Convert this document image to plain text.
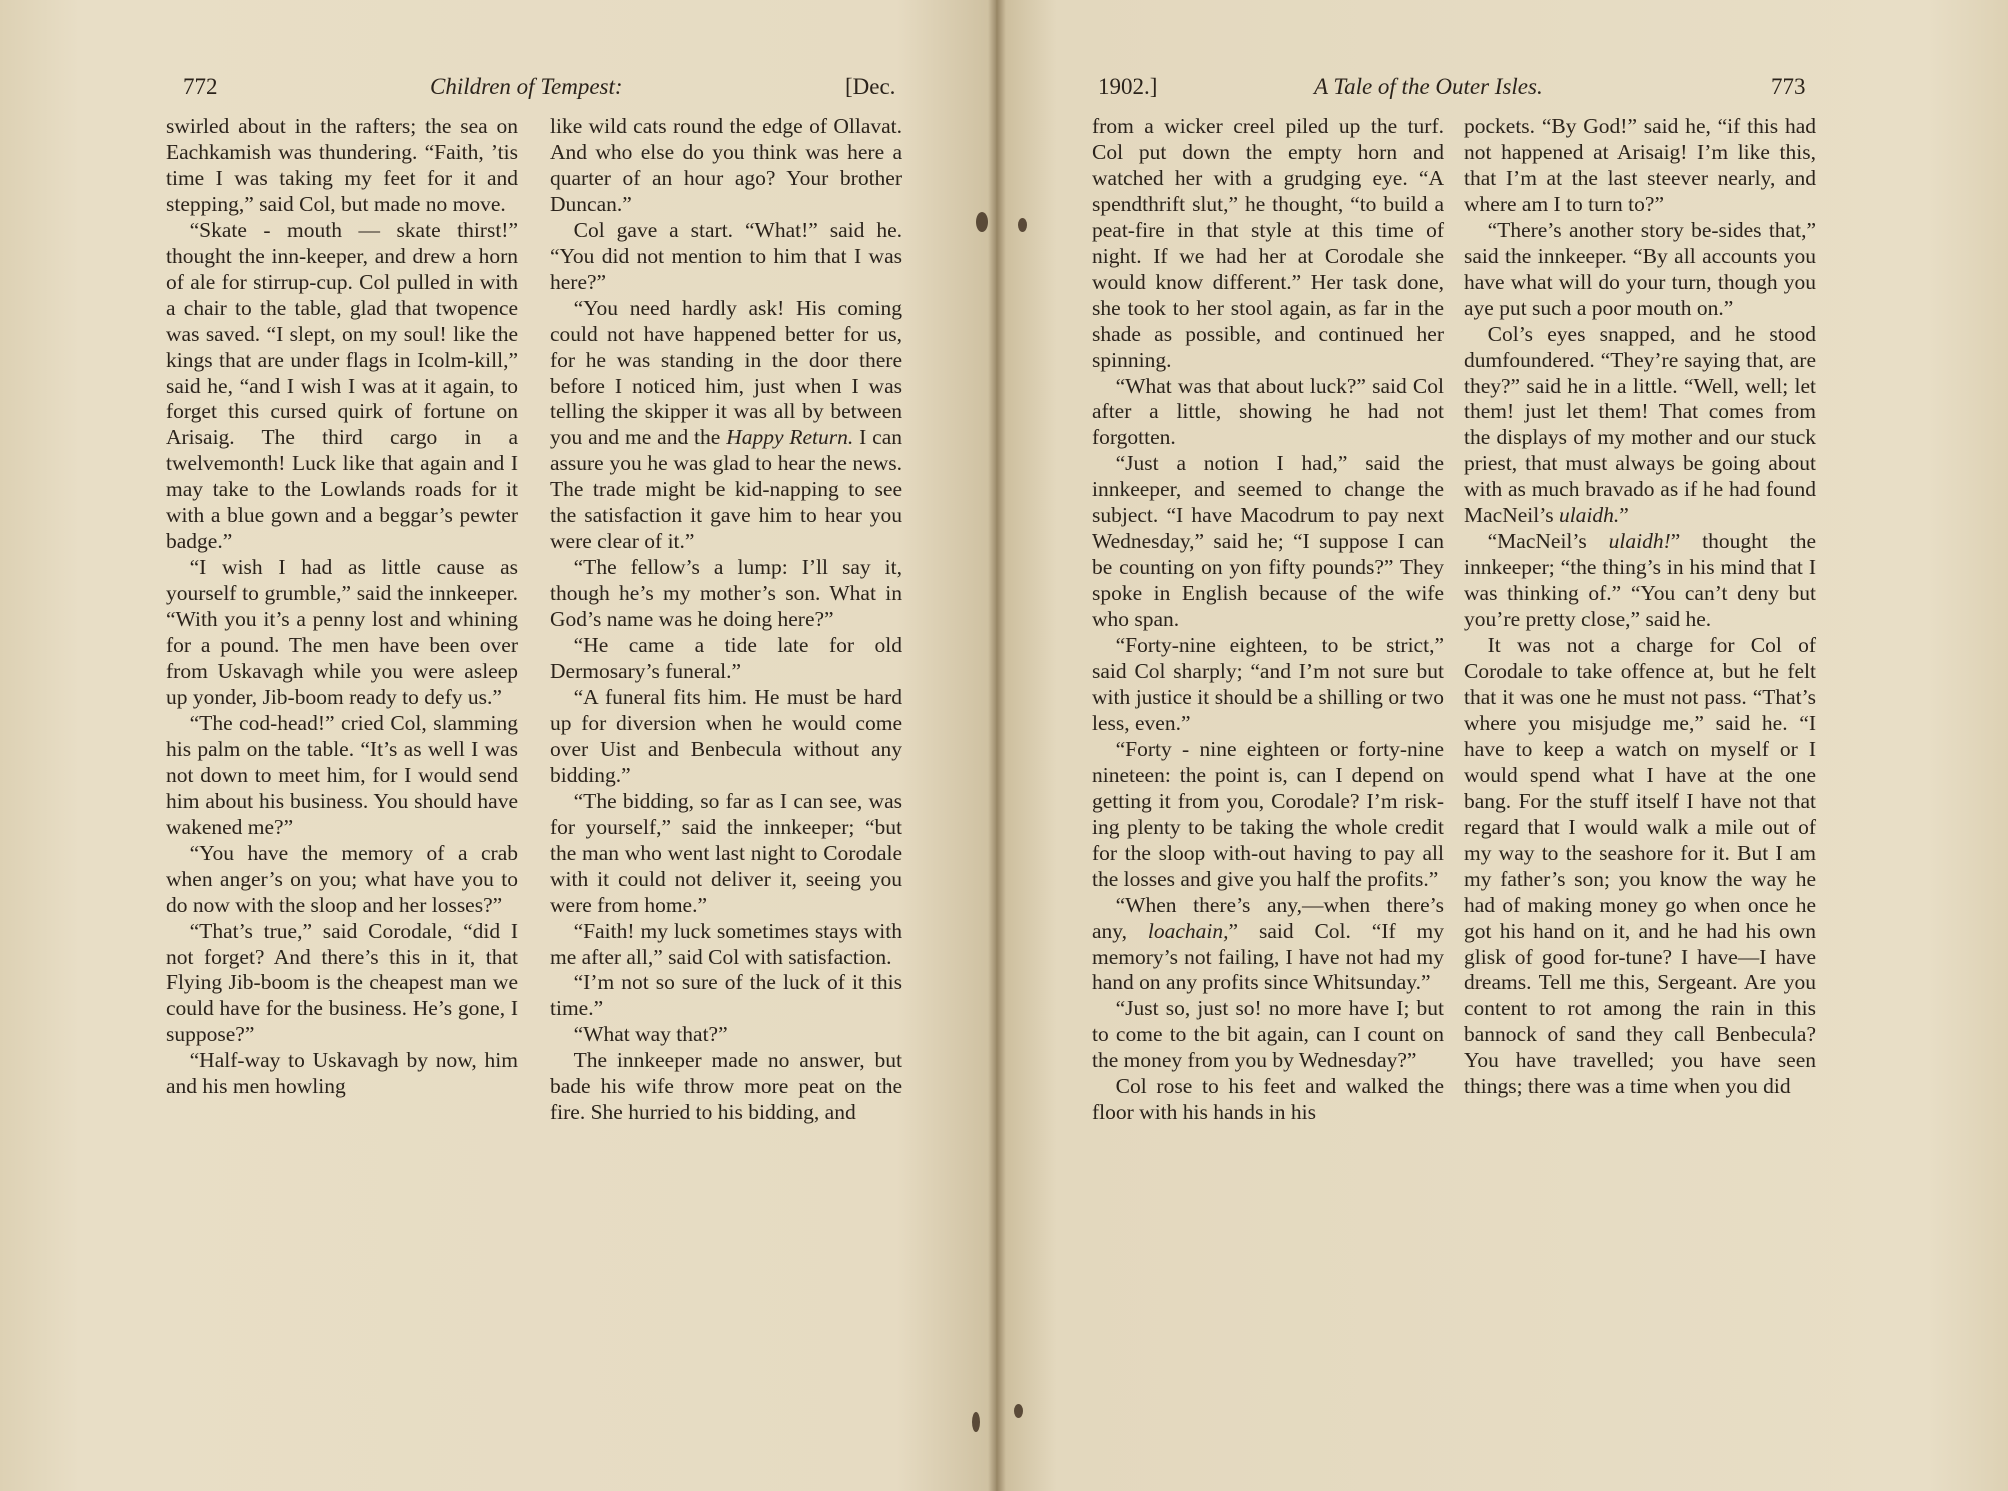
772	Children of Tempest:	[Dec.

swirled about in the rafters; the sea on Eachkamish was thundering. “Faith, ’tis time I was taking my feet for it and stepping,” said Col, but made no move.

“Skate - mouth — skate thirst!” thought the inn-keeper, and drew a horn of ale for stirrup-cup. Col pulled in with a chair to the table, glad that twopence was saved. “I slept, on my soul! like the kings that are under flags in Icolm-kill,” said he, “and I wish I was at it again, to forget this cursed quirk of fortune on Arisaig. The third cargo in a twelvemonth! Luck like that again and I may take to the Lowlands roads for it with a blue gown and a beggar’s pewter badge.”

“I wish I had as little cause as yourself to grumble,” said the innkeeper. “With you it’s a penny lost and whining for a pound. The men have been over from Uskavagh while you were asleep up yonder, Jib-boom ready to defy us.”

“The cod-head!” cried Col, slamming his palm on the table. “It’s as well I was not down to meet him, for I would send him about his business. You should have wakened me?”

“You have the memory of a crab when anger’s on you; what have you to do now with the sloop and her losses?”

“That’s true,” said Corodale, “did I not forget? And there’s this in it, that Flying Jib-boom is the cheapest man we could have for the business. He’s gone, I suppose?”

“Half-way to Uskavagh by now, him and his men howling

like wild cats round the edge of Ollavat. And who else do you think was here a quarter of an hour ago? Your brother Duncan.”

Col gave a start. “What!” said he. “You did not mention to him that I was here?”

“You need hardly ask! His coming could not have happened better for us, for he was standing in the door there before I noticed him, just when I was telling the skipper it was all by between you and me and the Happy Return. I can assure you he was glad to hear the news. The trade might be kid-napping to see the satisfaction it gave him to hear you were clear of it.”

“The fellow’s a lump: I’ll say it, though he’s my mother’s son. What in God’s name was he doing here?”

“He came a tide late for old Dermosary’s funeral.”

“A funeral fits him. He must be hard up for diversion when he would come over Uist and Benbecula without any bidding.”

“The bidding, so far as I can see, was for yourself,” said the innkeeper; “but the man who went last night to Corodale with it could not deliver it, seeing you were from home.”

“Faith! my luck sometimes stays with me after all,” said Col with satisfaction.

“I’m not so sure of the luck of it this time.”

“What way that?”

The innkeeper made no answer, but bade his wife throw more peat on the fire. She hurried to his bidding, and

1902.]	A Tale of the Outer Isles.	773

from a wicker creel piled up the turf. Col put down the empty horn and watched her with a grudging eye. “A spendthrift slut,” he thought, “to build a peat-fire in that style at this time of night. If we had her at Corodale she would know different.” Her task done, she took to her stool again, as far in the shade as possible, and continued her spinning.

“What was that about luck?” said Col after a little, showing he had not forgotten.

“Just a notion I had,” said the innkeeper, and seemed to change the subject. “I have Macodrum to pay next Wednesday,” said he; “I suppose I can be counting on yon fifty pounds?” They spoke in English because of the wife who span.

“Forty-nine eighteen, to be strict,” said Col sharply; “and I’m not sure but with justice it should be a shilling or two less, even.”

“Forty - nine eighteen or forty-nine nineteen: the point is, can I depend on getting it from you, Corodale? I’m risk-ing plenty to be taking the whole credit for the sloop with-out having to pay all the losses and give you half the profits.”

“When there’s any,—when there’s any, loachain,” said Col. “If my memory’s not failing, I have not had my hand on any profits since Whitsunday.”

“Just so, just so! no more have I; but to come to the bit again, can I count on the money from you by Wednesday?”

Col rose to his feet and walked the floor with his hands in his

pockets. “By God!” said he, “if this had not happened at Arisaig! I’m like this, that I’m at the last steever nearly, and where am I to turn to?”

“There’s another story be-sides that,” said the innkeeper. “By all accounts you have what will do your turn, though you aye put such a poor mouth on.”

Col’s eyes snapped, and he stood dumfoundered. “They’re saying that, are they?” said he in a little. “Well, well; let them! just let them! That comes from the displays of my mother and our stuck priest, that must always be going about with as much bravado as if he had found MacNeil’s ulaidh.”

“MacNeil’s ulaidh!” thought the innkeeper; “the thing’s in his mind that I was thinking of.” “You can’t deny but you’re pretty close,” said he.

It was not a charge for Col of Corodale to take offence at, but he felt that it was one he must not pass. “That’s where you misjudge me,” said he. “I have to keep a watch on myself or I would spend what I have at the one bang. For the stuff itself I have not that regard that I would walk a mile out of my way to the seashore for it. But I am my father’s son; you know the way he had of making money go when once he got his hand on it, and he had his own glisk of good for-tune? I have—I have dreams. Tell me this, Sergeant. Are you content to rot among the rain in this bannock of sand they call Benbecula? You have travelled; you have seen things; there was a time when you did
